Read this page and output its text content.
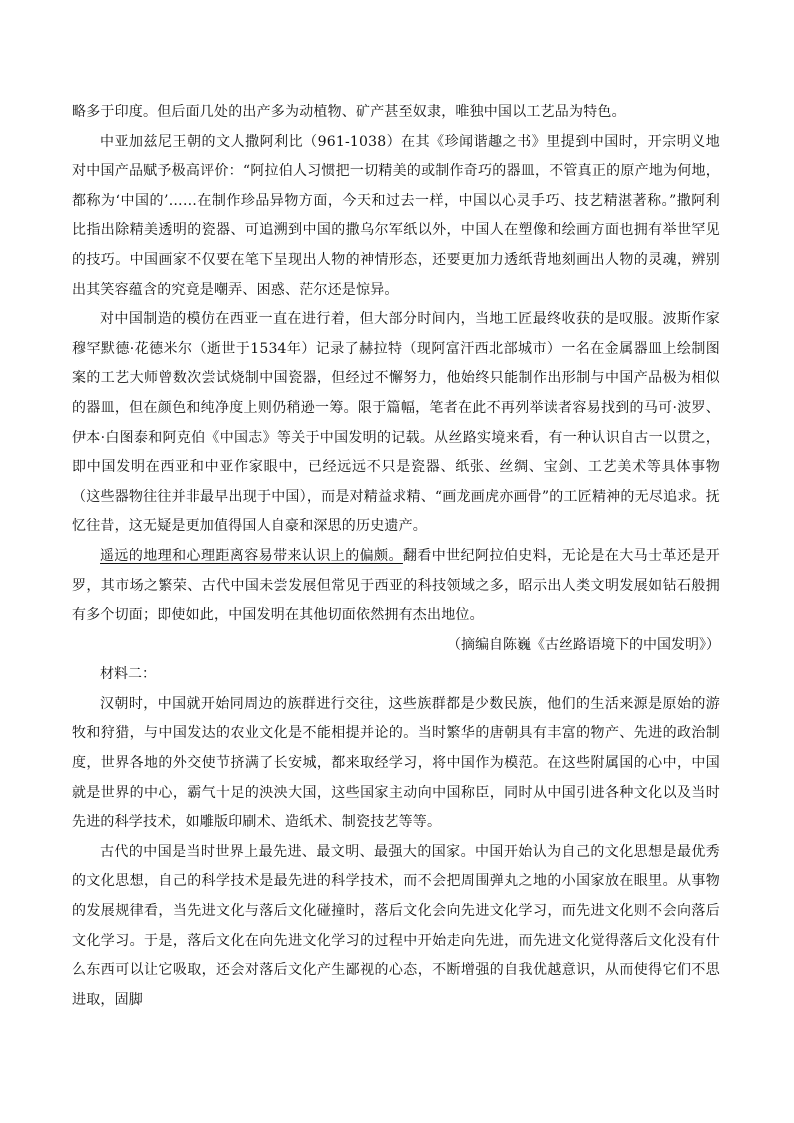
略多于印度。但后面几处的出产多为动植物、矿产甚至奴隶，唯独中国以工艺品为特色。

中亚加兹尼王朝的文人撒阿利比（961-1038）在其《珍闻谐趣之书》里提到中国时，开宗明义地对中国产品赋予极高评价：“阿拉伯人习惯把一切精美的或制作奇巧的器皿，不管真正的原产地为何地，都称为‘中国的’……在制作珍品异物方面，今天和过去一样，中国以心灵手巧、技艺精湛著称。”撒阿利比指出除精美透明的瓷器、可追溯到中国的撒乌尔军纸以外，中国人在塑像和绘画方面也拥有举世罕见的技巧。中国画家不仅要在笔下呈现出人物的神情形态，还要更加力透纸背地刻画出人物的灵魂，辨别出其笑容蕴含的究竟是嘲弄、困惑、茫尔还是惊异。

对中国制造的模仿在西亚一直在进行着，但大部分时间内，当地工匠最终收获的是叹服。波斯作家穆罕默德·花德米尔（逝世于1534年）记录了赫拉特（现阿富汗西北部城市）一名在金属器皿上绘制图案的工艺大师曾数次尝试烧制中国瓷器，但经过不懈努力，他始终只能制作出形制与中国产品极为相似的器皿，但在颜色和纯净度上则仍稍逊一筹。限于篇幅，笔者在此不再列举读者容易找到的马可·波罗、伊本·白图泰和阿克伯《中国志》等关于中国发明的记载。从丝路实境来看，有一种认识自古一以贯之，即中国发明在西亚和中亚作家眼中，已经远远不只是瓷器、纸张、丝绸、宝剑、工艺美术等具体事物（这些器物往往并非最早出现于中国），而是对精益求精、“画龙画虎亦画骨”的工匠精神的无尽追求。抚忆往昔，这无疑是更加值得国人自豪和深思的历史遗产。

遥远的地理和心理距离容易带来认识上的偏颇。翻看中世纪阿拉伯史料，无论是在大马士革还是开罗，其市场之繁荣、古代中国未尝发展但常见于西亚的科技领域之多，昭示出人类文明发展如钻石般拥有多个切面；即使如此，中国发明在其他切面依然拥有杰出地位。

（摘编自陈巍《古丝路语境下的中国发明》）

材料二：

汉朝时，中国就开始同周边的族群进行交往，这些族群都是少数民族，他们的生活来源是原始的游牧和狩猎，与中国发达的农业文化是不能相提并论的。当时繁华的唐朝具有丰富的物产、先进的政治制度，世界各地的外交使节挤满了长安城，都来取经学习，将中国作为模范。在这些附属国的心中，中国就是世界的中心，霸气十足的泱泱大国，这些国家主动向中国称臣，同时从中国引进各种文化以及当时先进的科学技术，如雕版印刷术、造纸术、制瓷技艺等等。

古代的中国是当时世界上最先进、最文明、最强大的国家。中国开始认为自己的文化思想是最优秀的文化思想，自己的科学技术是最先进的科学技术，而不会把周围弹丸之地的小国家放在眼里。从事物的发展规律看，当先进文化与落后文化碰撞时，落后文化会向先进文化学习，而先进文化则不会向落后文化学习。于是，落后文化在向先进文化学习的过程中开始走向先进，而先进文化觉得落后文化没有什么东西可以让它吸取，还会对落后文化产生鄙视的心态，不断增强的自我优越意识，从而使得它们不思进取，固脚
